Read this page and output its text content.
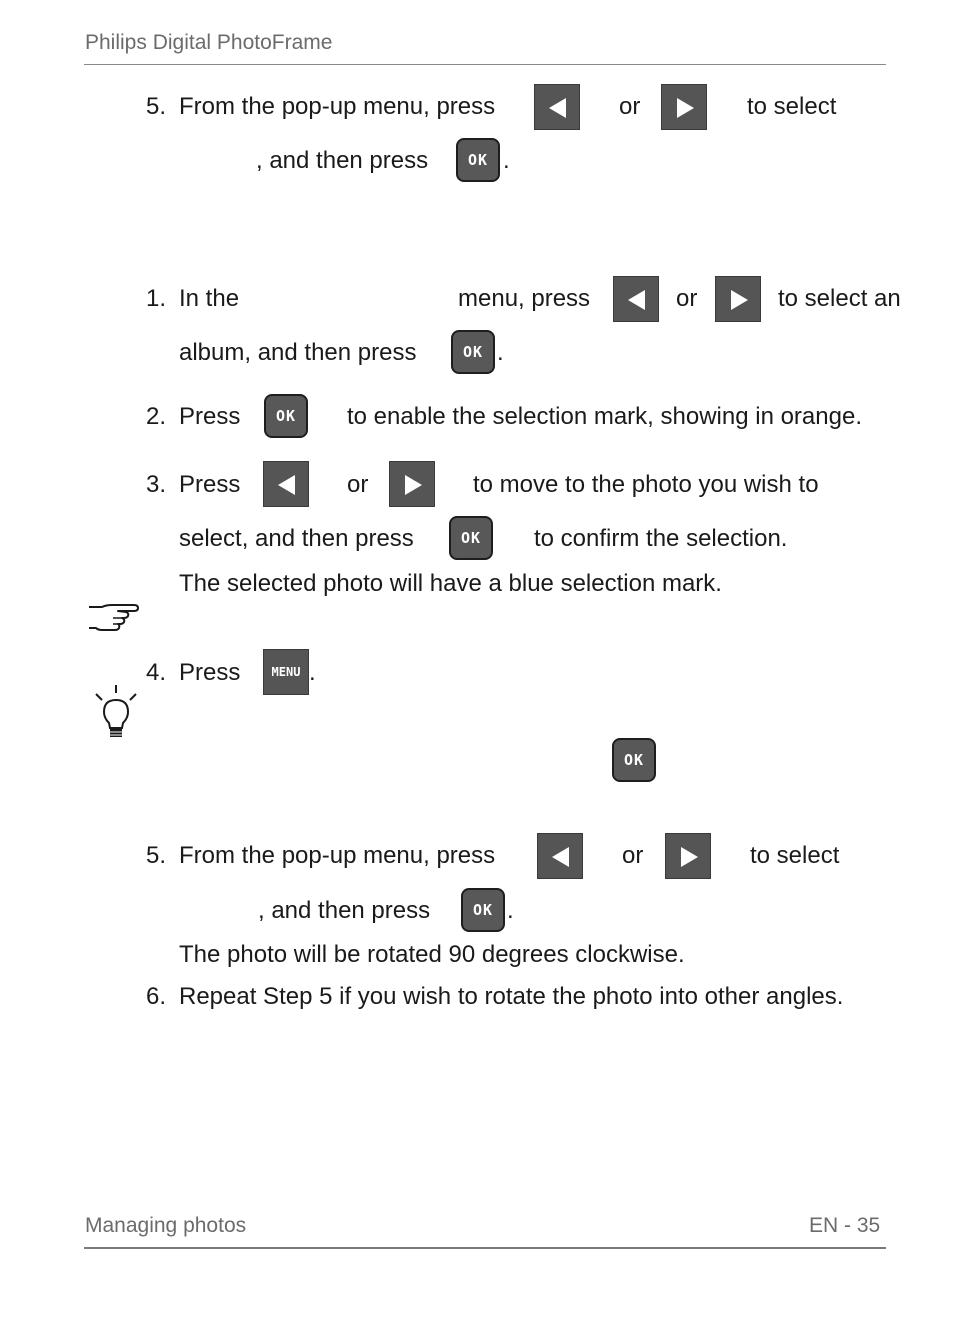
Philips Digital PhotoFrame
5. From the pop-up menu, press	or	to select
, and then press	OK .
1. In the	menu, press	or	to select an
album, and then press	OK .
2. Press	OK	to enable the selection mark, showing in orange.
3. Press	or	to move to the photo you wish to
select, and then press	OK	to confirm the selection.
The selected photo will have a blue selection mark.
4. Press	MENU .
OK
5. From the pop-up menu, press	or	to select
, and then press	OK .
The photo will be rotated 90 degrees clockwise.
6. Repeat Step 5 if you wish to rotate the photo into other angles.
Managing photos	EN - 35
